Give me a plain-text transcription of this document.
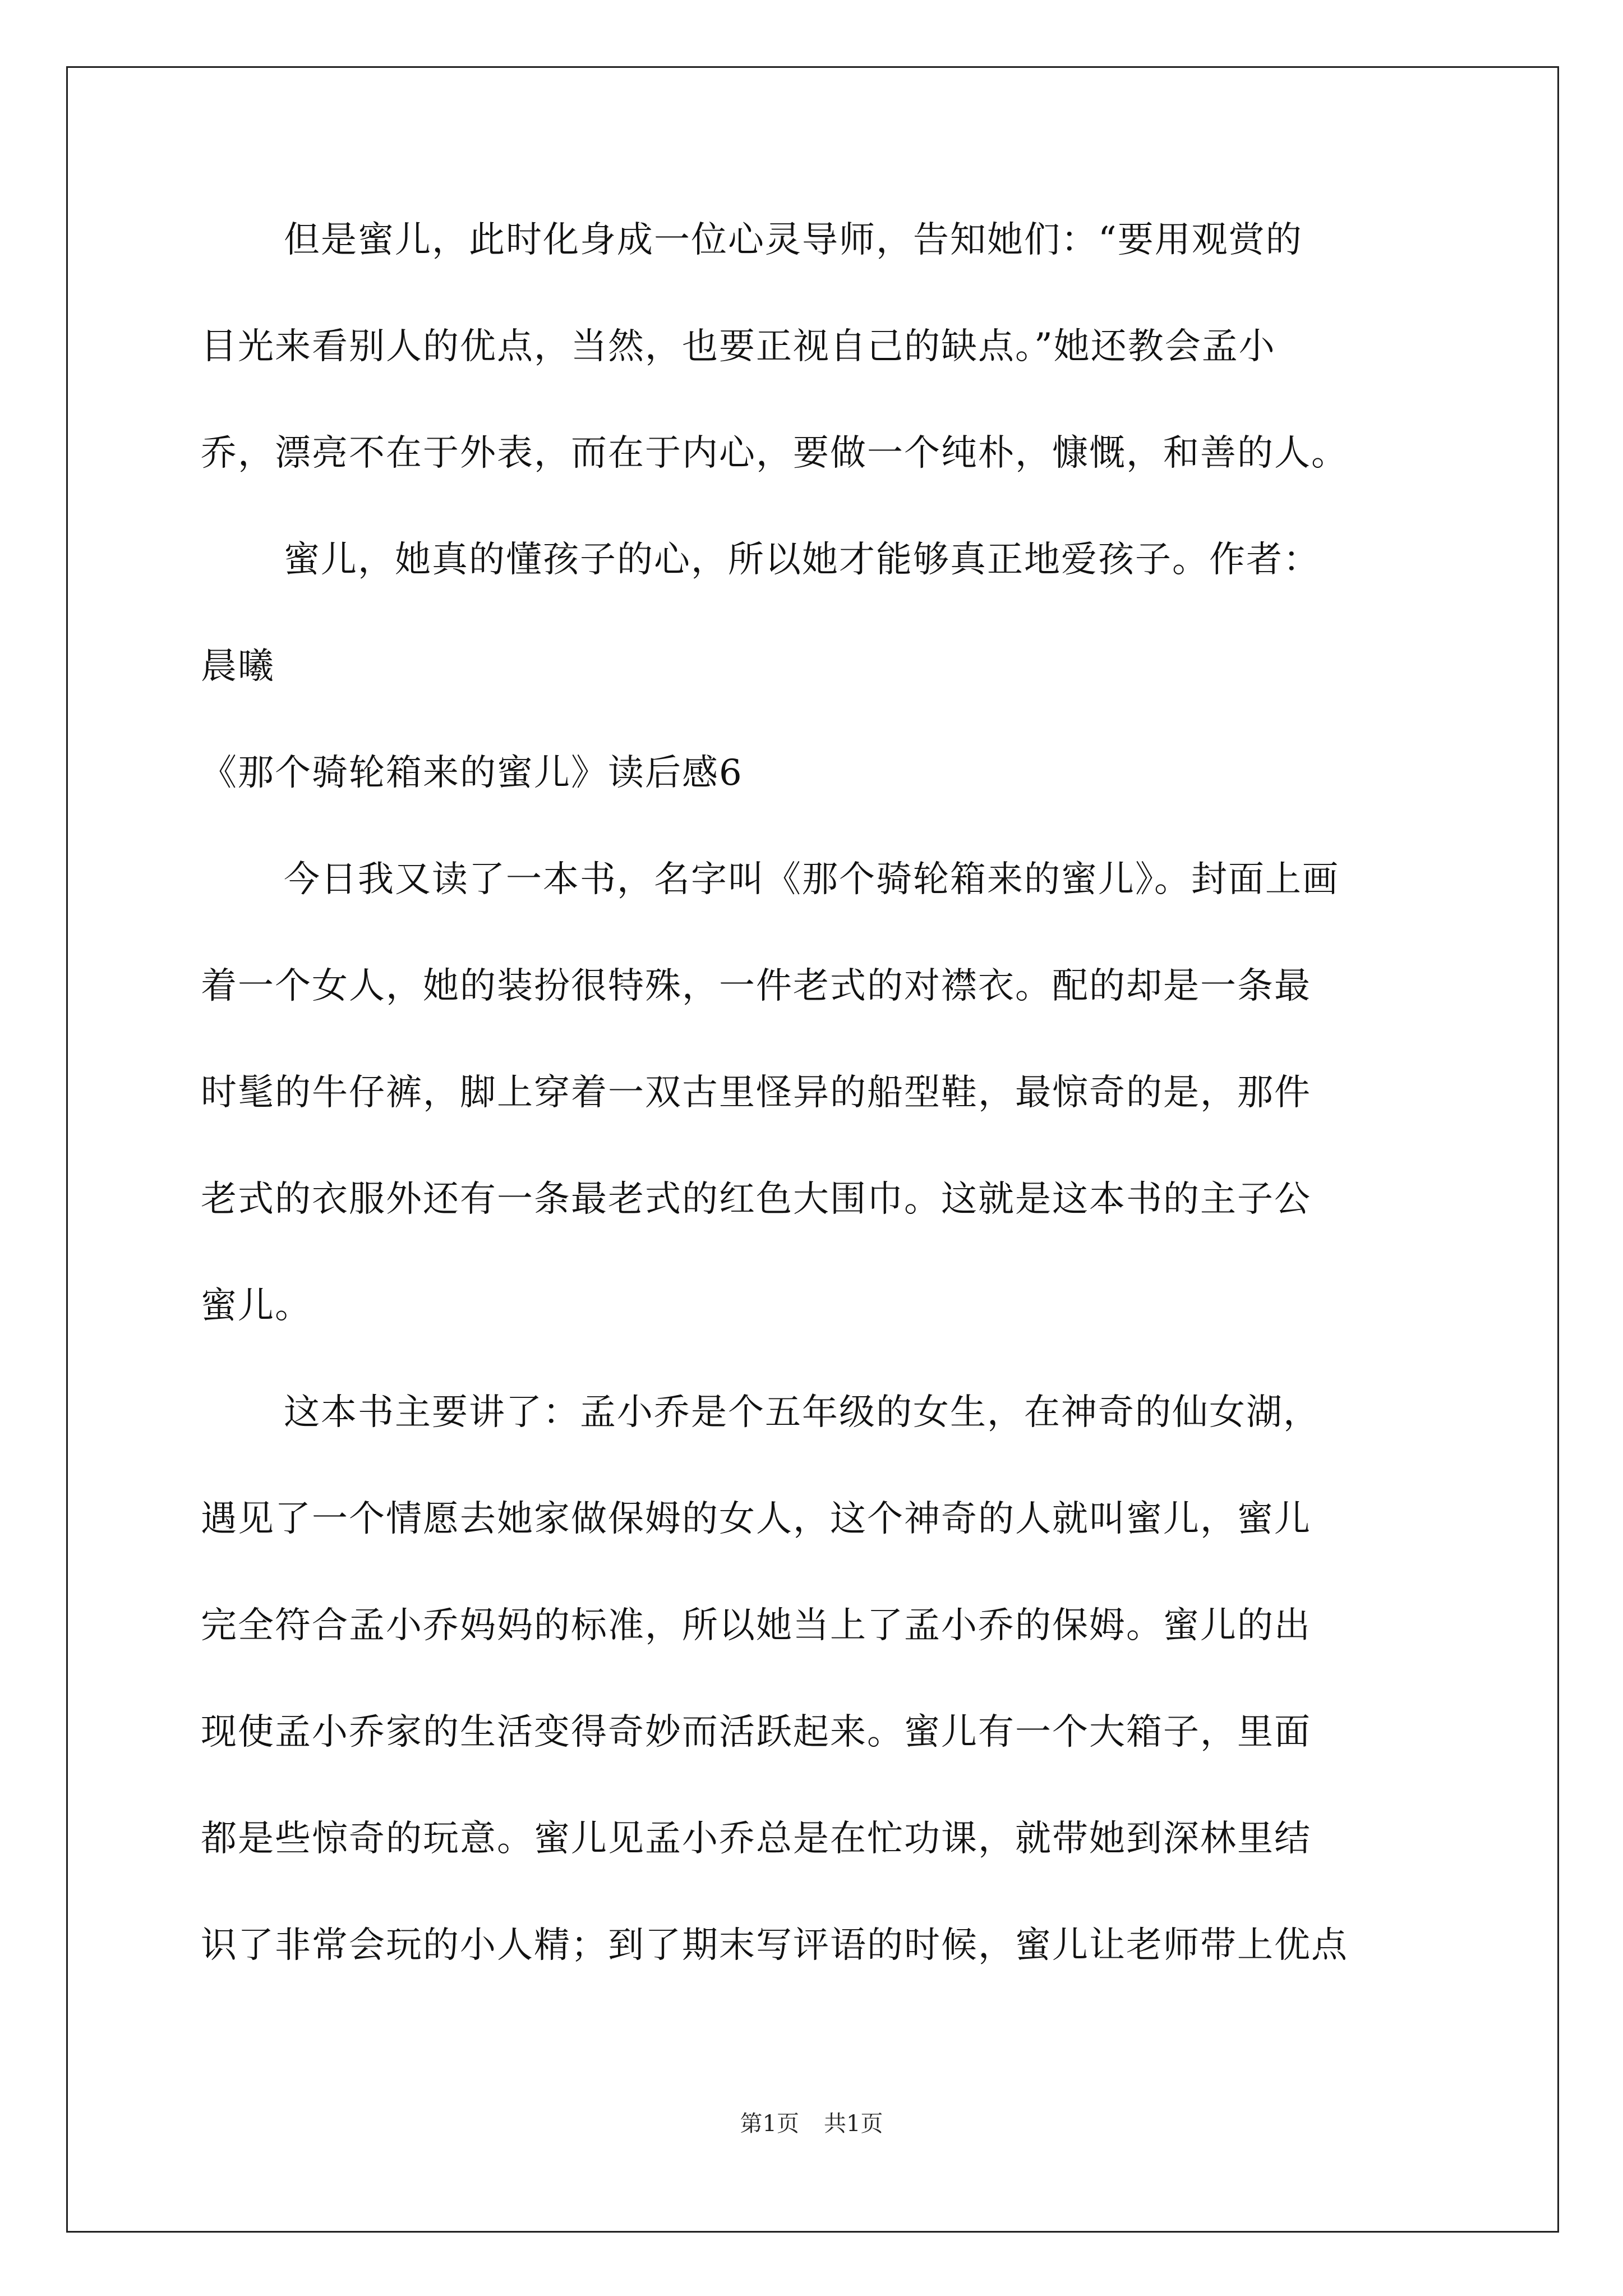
但是蜜儿，此时化身成一位心灵导师，告知她们：“要用观赏的

目光来看别人的优点，当然，也要正视自己的缺点。”她还教会孟小

乔，漂亮不在于外表，而在于内心，要做一个纯朴，慷慨，和善的人。

蜜儿，她真的懂孩子的心，所以她才能够真正地爱孩子。作者：

晨曦

《那个骑轮箱来的蜜儿》读后感6

今日我又读了一本书，名字叫《那个骑轮箱来的蜜儿》。封面上画

着一个女人，她的装扮很特殊，一件老式的对襟衣。配的却是一条最

时髦的牛仔裤，脚上穿着一双古里怪异的船型鞋，最惊奇的是，那件

老式的衣服外还有一条最老式的红色大围巾。这就是这本书的主子公

蜜儿。

这本书主要讲了：孟小乔是个五年级的女生，在神奇的仙女湖，

遇见了一个情愿去她家做保姆的女人，这个神奇的人就叫蜜儿，蜜儿

完全符合孟小乔妈妈的标准，所以她当上了孟小乔的保姆。蜜儿的出

现使孟小乔家的生活变得奇妙而活跃起来。蜜儿有一个大箱子，里面

都是些惊奇的玩意。蜜儿见孟小乔总是在忙功课，就带她到深林里结

识了非常会玩的小人精；到了期末写评语的时候，蜜儿让老师带上优点

第1页 共1页
